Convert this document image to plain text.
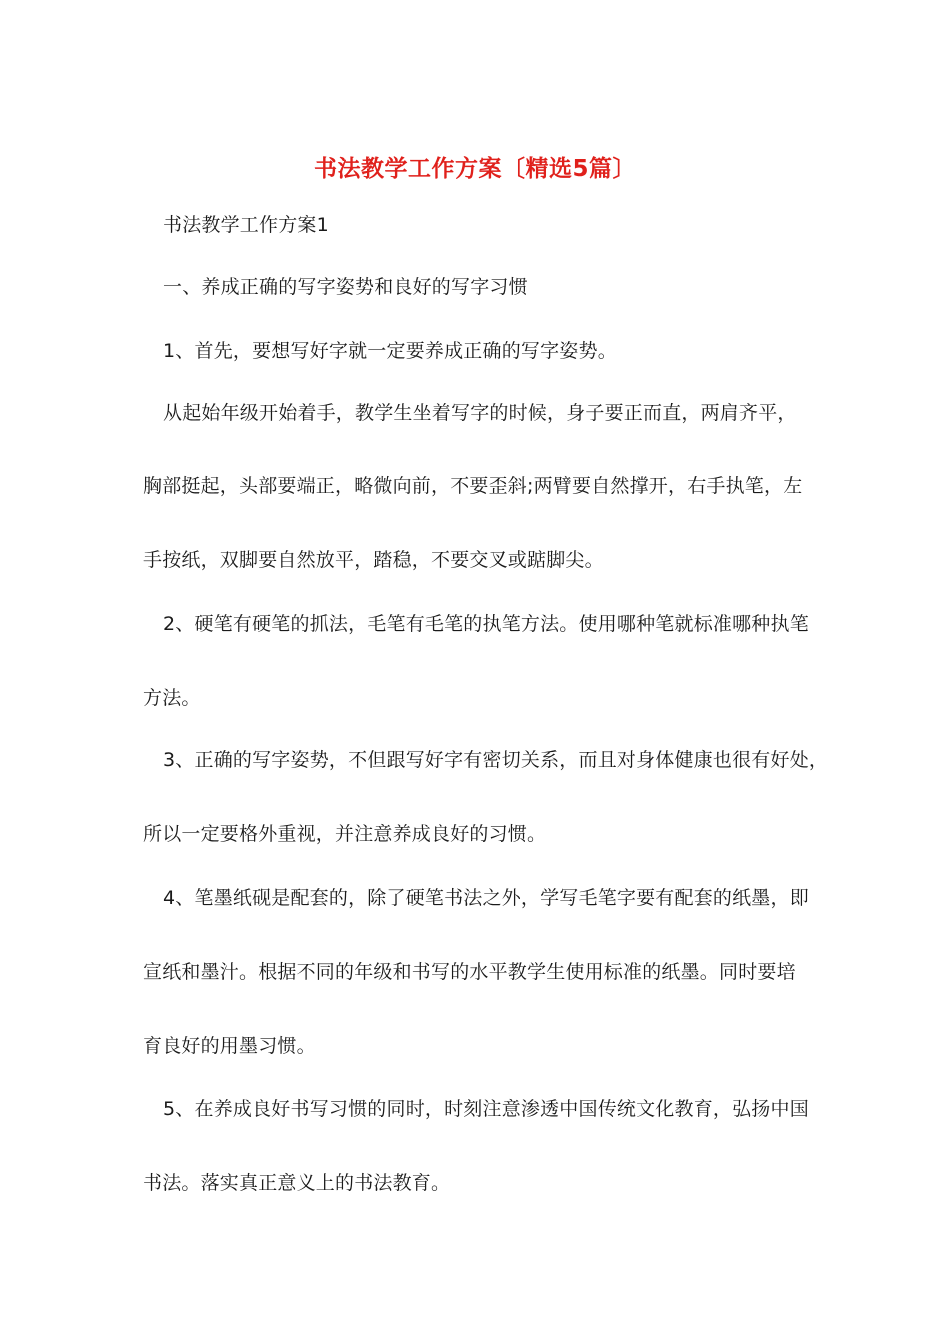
书法教学工作方案〔精选5篇〕
书法教学工作方案1
一、养成正确的写字姿势和良好的写字习惯
1、首先，要想写好字就一定要养成正确的写字姿势。
从起始年级开始着手，教学生坐着写字的时候，身子要正而直，两肩齐平，
胸部挺起，头部要端正，略微向前，不要歪斜;两臂要自然撑开，右手执笔，左
手按纸，双脚要自然放平，踏稳，不要交叉或踮脚尖。
2、硬笔有硬笔的抓法，毛笔有毛笔的执笔方法。使用哪种笔就标准哪种执笔
方法。
3、正确的写字姿势，不但跟写好字有密切关系，而且对身体健康也很有好处，
所以一定要格外重视，并注意养成良好的习惯。
4、笔墨纸砚是配套的，除了硬笔书法之外，学写毛笔字要有配套的纸墨，即
宣纸和墨汁。根据不同的年级和书写的水平教学生使用标准的纸墨。同时要培
育良好的用墨习惯。
5、在养成良好书写习惯的同时，时刻注意渗透中国传统文化教育，弘扬中国
书法。落实真正意义上的书法教育。
